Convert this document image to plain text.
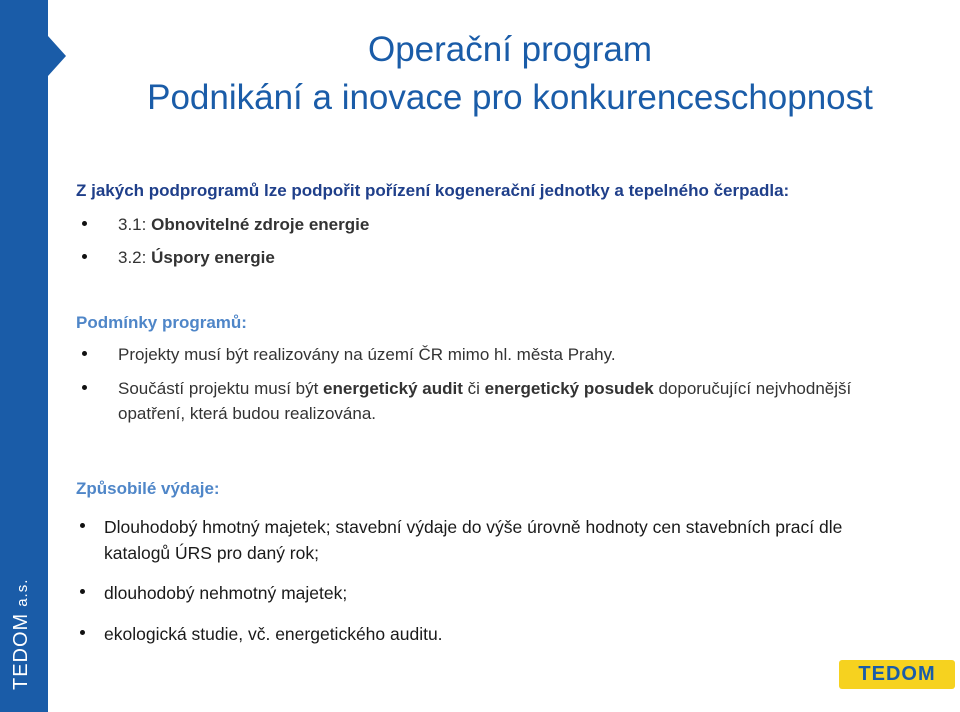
TEDOMa.s.
Operační program
Podnikání a inovace pro konkurenceschopnost
Z jakých podprogramů lze podpořit pořízení kogenerační jednotky a tepelného čerpadla:
3.1: Obnovitelné zdroje energie
3.2: Úspory energie
Podmínky programů:
Projekty musí být realizovány na území ČR mimo hl. města Prahy.
Součástí projektu musí být energetický audit či energetický posudek doporučující nejvhodnější
opatření, která budou realizována.
Způsobilé výdaje:
Dlouhodobý hmotný majetek; stavební výdaje do výše úrovně hodnoty cen stavebních prací dle
katalogů ÚRS pro daný rok;
dlouhodobý nehmotný majetek;
ekologická studie, vč. energetického auditu.
TEDOM
